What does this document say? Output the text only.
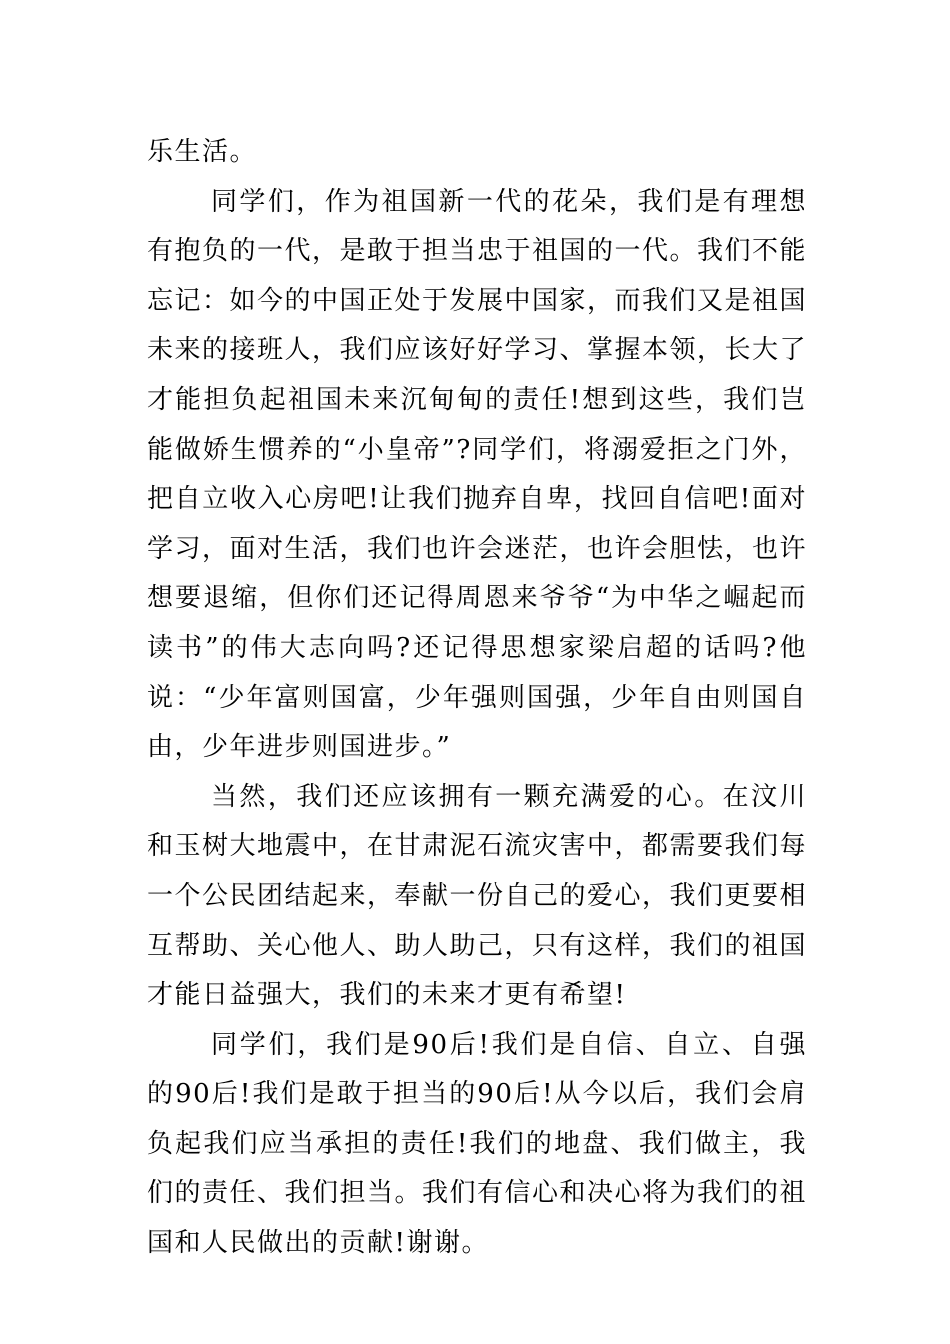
乐生活。

同学们，作为祖国新一代的花朵，我们是有理想有抱负的一代，是敢于担当忠于祖国的一代。我们不能忘记：如今的中国正处于发展中国家，而我们又是祖国未来的接班人，我们应该好好学习、掌握本领，长大了才能担负起祖国未来沉甸甸的责任!想到这些，我们岂能做娇生惯养的“小皇帝”?同学们，将溺爱拒之门外，把自立收入心房吧!让我们抛弃自卑，找回自信吧!面对学习，面对生活，我们也许会迷茫，也许会胆怯，也许想要退缩，但你们还记得周恩来爷爷“为中华之崛起而读书”的伟大志向吗?还记得思想家梁启超的话吗?他说：“少年富则国富，少年强则国强，少年自由则国自由，少年进步则国进步。”

当然，我们还应该拥有一颗充满爱的心。在汶川和玉树大地震中，在甘肃泥石流灾害中，都需要我们每一个公民团结起来，奉献一份自己的爱心，我们更要相互帮助、关心他人、助人助己，只有这样，我们的祖国才能日益强大，我们的未来才更有希望!

同学们，我们是90后!我们是自信、自立、自强的90后!我们是敢于担当的90后!从今以后，我们会肩负起我们应当承担的责任!我们的地盘、我们做主，我们的责任、我们担当。我们有信心和决心将为我们的祖国和人民做出的贡献!谢谢。
